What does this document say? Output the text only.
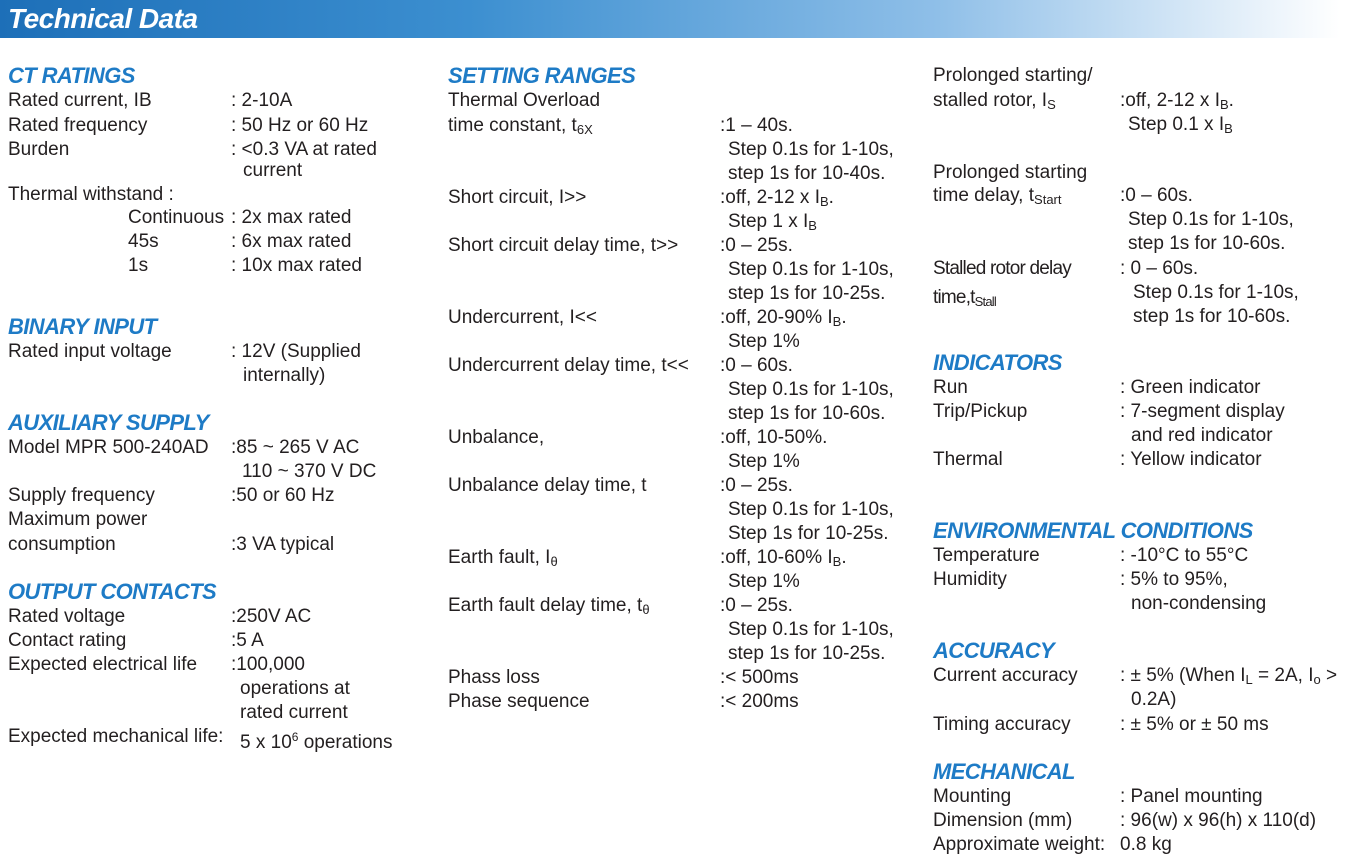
Technical Data
CT RATINGS
Rated current, IB	: 2-10A
Rated frequency	: 50 Hz or 60 Hz
Burden	: <0.3 VA at rated
current
Thermal withstand :
Continuous : 2x max rated
45s	: 6x max rated
1s	: 10x max rated
BINARY INPUT
Rated input voltage	: 12V (Supplied
internally)
AUXILIARY SUPPLY
Model MPR 500-240AD :85 ~ 265 V AC
110 ~ 370 V DC
Supply frequency	:50 or 60 Hz
Maximum power
consumption	:3 VA typical
OUTPUT CONTACTS
Rated voltage	:250V AC
Contact rating	:5 A
Expected electrical life :100,000
operations at
rated current
Expected mechanical life: 5 x $10^6$ operations
SETTING RANGES
Thermal Overload
time constant, $t_{6X}$	:1 – 40s.
Step 0.1s for 1-10s,
step 1s for 10-40s.
Short circuit, I>>	:off, 2-12 x $I_B$.
Step 1 x $I_B$
Short circuit delay time, t>> :0 – 25s.
Step 0.1s for 1-10s,
step 1s for 10-25s.
Undercurrent, I<<	:off, 20-90% $I_B$.
Step 1%
Undercurrent delay time, t<< :0 – 60s.
Step 0.1s for 1-10s,
step 1s for 10-60s.
Unbalance,	:off, 10-50%.
Step 1%
Unbalance delay time, t	:0 – 25s.
Step 0.1s for 1-10s,
Step 1s for 10-25s.
Earth fault, $I_\theta$	:off, 10-60% $I_B$.
Step 1%
Earth fault delay time, $t_\theta$	:0 – 25s.
Step 0.1s for 1-10s,
step 1s for 10-25s.
Phass loss	:< 500ms
Phase sequence	:< 200ms
Prolonged starting/
stalled rotor, $I_S$	:off, 2-12 x $I_B$.
Step 0.1 x $I_B$
Prolonged starting
time delay, $t_{Start}$	:0 – 60s.
Step 0.1s for 1-10s,
step 1s for 10-60s.
Stalled rotor delay
$time,t_{Stall}$
: 0 – 60s.
Step 0.1s for 1-10s,
step 1s for 10-60s.
INDICATORS
Run	: Green indicator
Trip/Pickup	: 7-segment display
and red indicator
Thermal	: Yellow indicator
ENVIRONMENTAL CONDITIONS
Temperature	: -10°C to 55°C
Humidity	: 5% to 95%,
non-condensing
ACCURACY
Current accuracy : ± 5% (When $I_L = 2A$, $I_o$ >
0.2A)
Timing accuracy	: ± 5% or ± 50 ms
MECHANICAL
Mounting	: Panel mounting
Dimension (mm)	: 96(w) x 96(h) x 110(d)
Approximate weight: 0.8 kg
